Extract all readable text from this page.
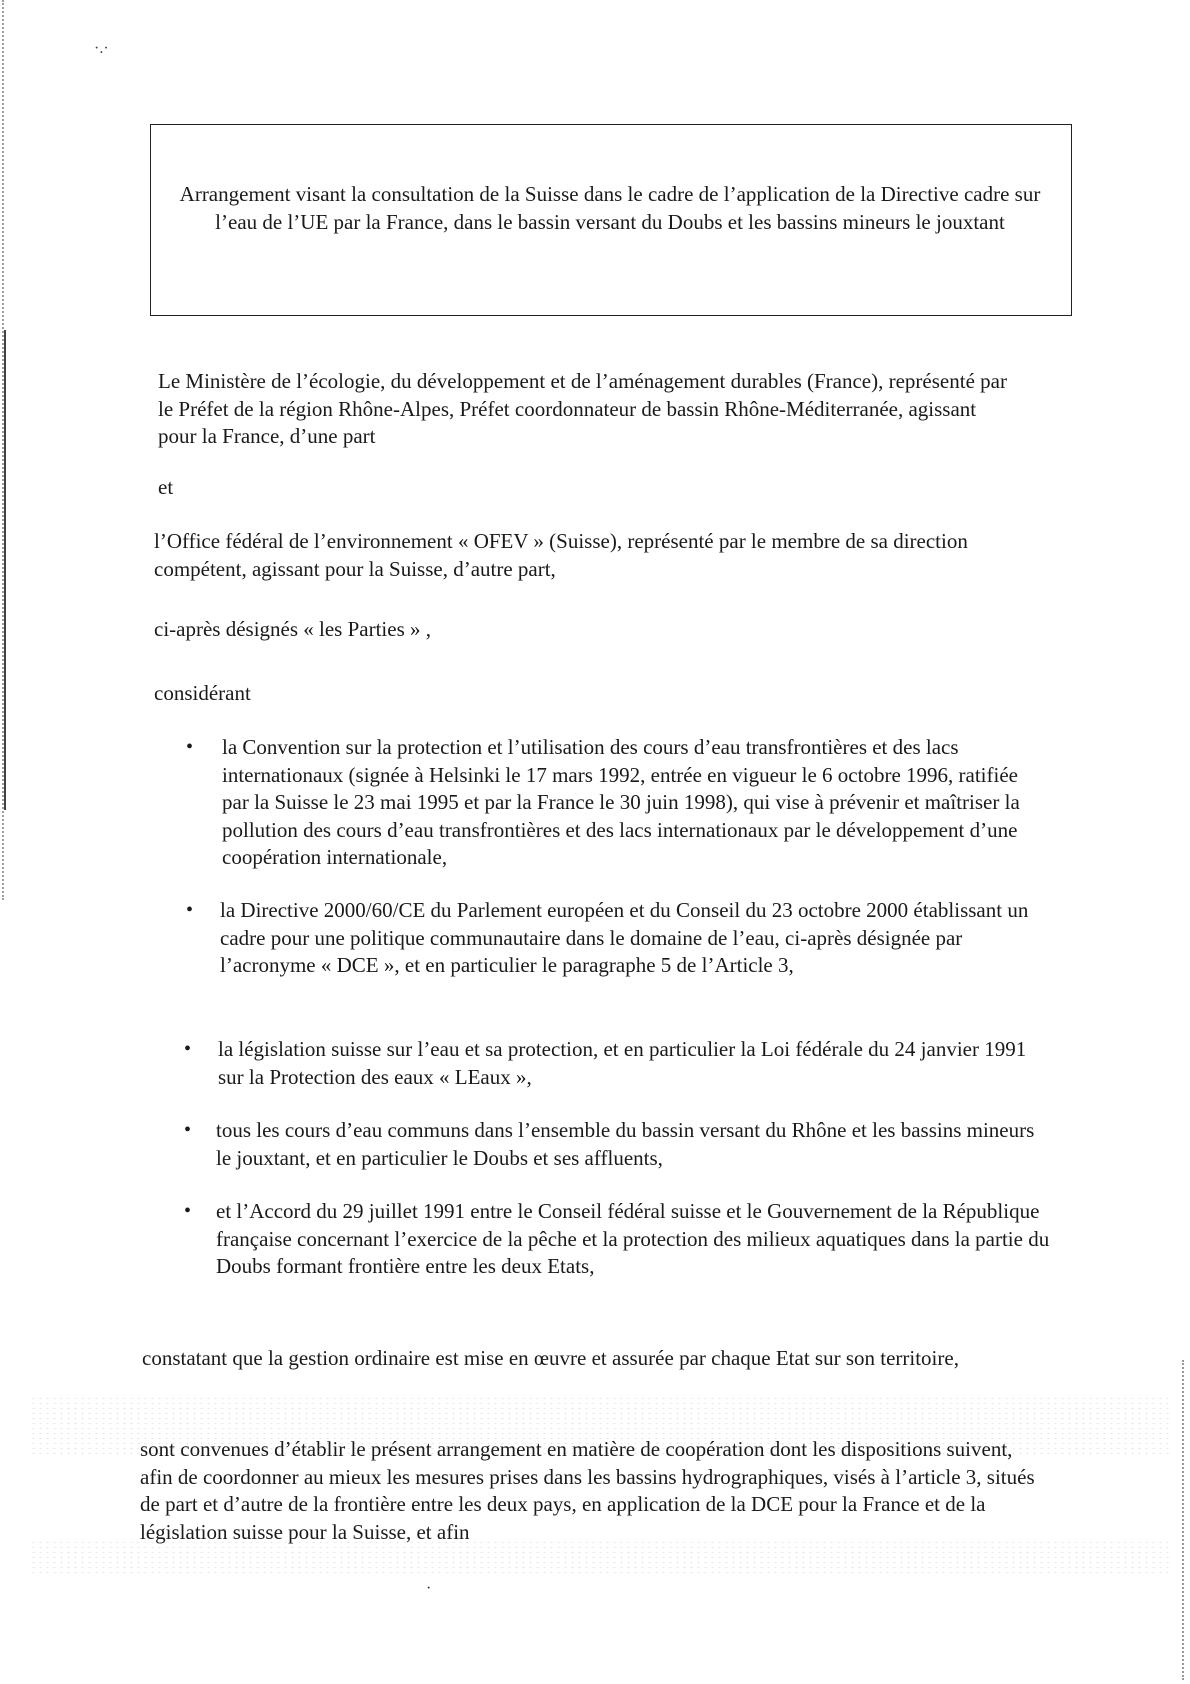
·.·
Arrangement visant la consultation de la Suisse dans le cadre de l’application de la Directive cadre sur l’eau de l’UE par la France, dans le bassin versant du Doubs et les bassins mineurs le jouxtant

Le Ministère de l’écologie, du développement et de l’aménagement durables (France), représenté par le Préfet de la région Rhône-Alpes, Préfet coordonnateur de bassin Rhône-Méditerranée, agissant pour la France, d’une part

et

l’Office fédéral de l’environnement « OFEV » (Suisse), représenté par le membre de sa direction compétent, agissant pour la Suisse, d’autre part,

ci-après désignés « les Parties » ,

considérant

• la Convention sur la protection et l’utilisation des cours d’eau transfrontières et des lacs internationaux (signée à Helsinki le 17 mars 1992, entrée en vigueur le 6 octobre 1996, ratifiée par la Suisse le 23 mai 1995 et par la France le 30 juin 1998), qui vise à prévenir et maîtriser la pollution des cours d’eau transfrontières et des lacs internationaux par le développement d’une coopération internationale,

• la Directive 2000/60/CE du Parlement européen et du Conseil du 23 octobre 2000 établissant un cadre pour une politique communautaire dans le domaine de l’eau, ci-après désignée par l’acronyme « DCE », et en particulier le paragraphe 5 de l’Article 3,

• la législation suisse sur l’eau et sa protection, et en particulier la Loi fédérale du 24 janvier 1991 sur la Protection des eaux « LEaux »,

• tous les cours d’eau communs dans l’ensemble du bassin versant du Rhône et les bassins mineurs le jouxtant, et en particulier le Doubs et ses affluents,

• et l’Accord du 29 juillet 1991 entre le Conseil fédéral suisse et le Gouvernement de la République française concernant l’exercice de la pêche et la protection des milieux aquatiques dans la partie du Doubs formant frontière entre les deux Etats,

constatant que la gestion ordinaire est mise en œuvre et assurée par chaque Etat sur son territoire,

sont convenues d’établir le présent arrangement en matière de coopération dont les dispositions suivent, afin de coordonner au mieux les mesures prises dans les bassins hydrographiques, visés à l’article 3, situés de part et d’autre de la frontière entre les deux pays, en application de la DCE pour la France et de la législation suisse pour la Suisse, et afin

·
